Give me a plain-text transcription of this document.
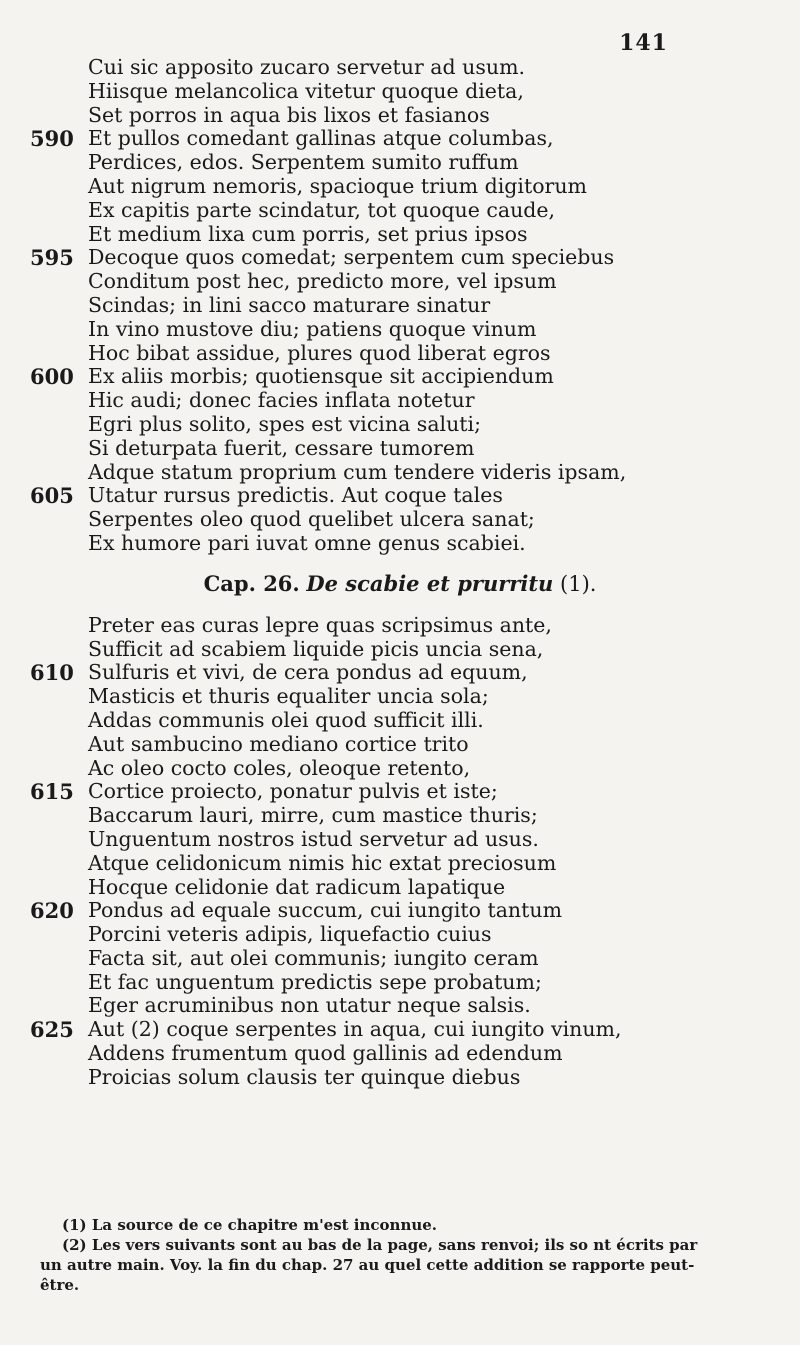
141
Cui sic apposito zucaro servetur ad usum.
Hiisque melancolica vitetur quoque dieta,
Set porros in aqua bis lixos et fasianos
590 Et pullos comedant gallinas atque columbas,
Perdices, edos. Serpentem sumito ruffum
Aut nigrum nemoris, spacioque trium digitorum
Ex capitis parte scindatur, tot quoque caude,
Et medium lixa cum porris, set prius ipsos
595 Decoque quos comedat; serpentem cum speciebus
Conditum post hec, predicto more, vel ipsum
Scindas; in lini sacco maturare sinatur
In vino mustove diu; patiens quoque vinum
Hoc bibat assidue, plures quod liberat egros
600 Ex aliis morbis; quotiensque sit accipiendum
Hic audi; donec facies inflata notetur
Egri plus solito, spes est vicina saluti;
Si deturpata fuerit, cessare tumorem
Adque statum proprium cum tendere videris ipsam,
605 Utatur rursus predictis. Aut coque tales
Serpentes oleo quod quelibet ulcera sanat;
Ex humore pari iuvat omne genus scabiei.
Cap. 26. De scabie et prurritu (1).
Preter eas curas lepre quas scripsimus ante,
Sufficit ad scabiem liquide picis uncia sena,
610 Sulfuris et vivi, de cera pondus ad equum,
Masticis et thuris equaliter uncia sola;
Addas communis olei quod sufficit illi.
Aut sambucino mediano cortice trito
Ac oleo cocto coles, oleoque retento,
615 Cortice proiecto, ponatur pulvis et iste;
Baccarum lauri, mirre, cum mastice thuris;
Unguentum nostros istud servetur ad usus.
Atque celidonicum nimis hic extat preciosum
Hocque celidonie dat radicum lapatique
620 Pondus ad equale succum, cui iungito tantum
Porcini veteris adipis, liquefactio cuius
Facta sit, aut olei communis; iungito ceram
Et fac unguentum predictis sepe probatum;
Eger acruminibus non utatur neque salsis.
625 Aut (2) coque serpentes in aqua, cui iungito vinum,
Addens frumentum quod gallinis ad edendum
Proicias solum clausis ter quinque diebus
(1) La source de ce chapitre m'est inconnue.
(2) Les vers suivants sont au bas de la page, sans renvoi; ils so nt écrits par un autre main. Voy. la fin du chap. 27 au quel cette addition se rapporte peut-être.
